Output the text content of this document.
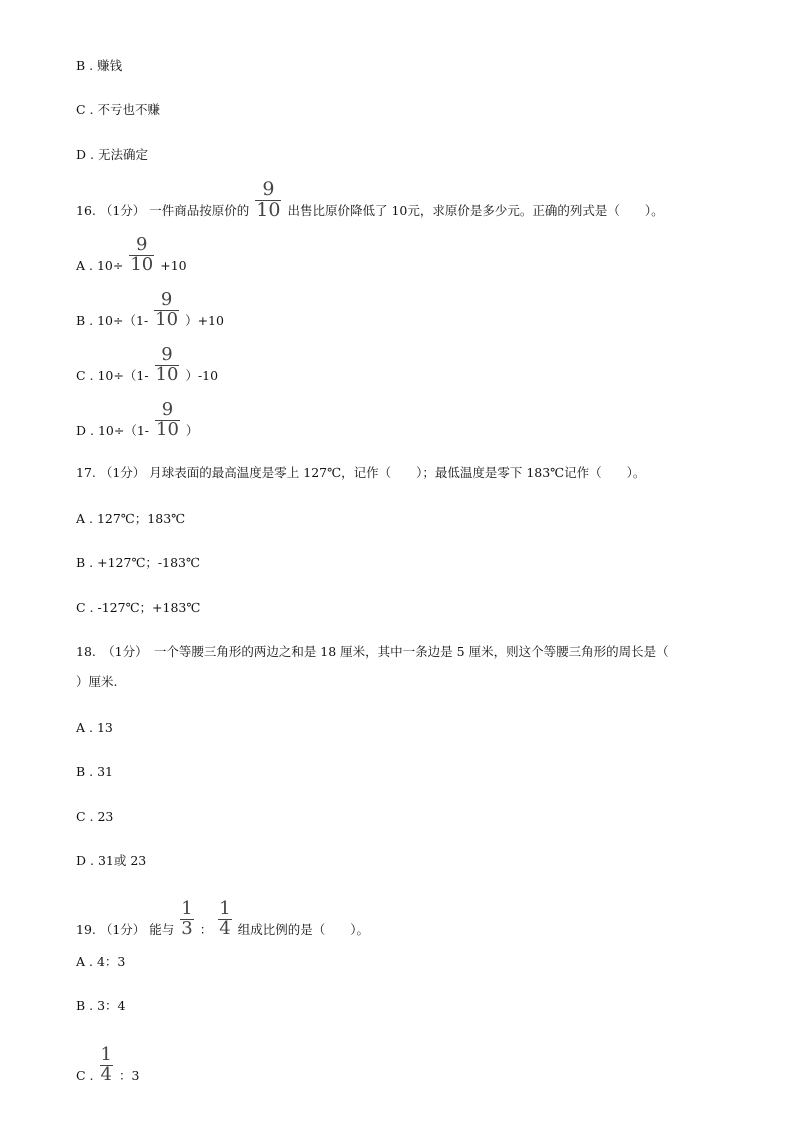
B . 赚钱
C . 不亏也不赚
D . 无法确定
16. （1分） 一件商品按原价的 $\frac{9}{10}$ 出售比原价降低了 10元，求原价是多少元。正确的列式是（　　）。
A . $10\div \frac{9}{10} +10$
B . $10\div(1- \frac{9}{10} )+10$
C . $10\div(1- \frac{9}{10} )-10$
D . $10\div(1- \frac{9}{10}$ ）
17. （1分） 月球表面的最高温度是零上 127℃，记作（　　）；最低温度是零下 183℃记作（　　）。
A . 127℃；183℃
B . +127℃；-183℃
C . -127℃；+183℃
18.　（1分）　一个等腰三角形的两边之和是 18 厘米，其中一条边是 5 厘米，则这个等腰三角形的周长是（
）厘米.
A . 13
B . 31
C . 23
D . 31或 23
19. （1分） 能与 $\frac{1}{3}$ ： $\frac{1}{4}$ 组成比例的是（　　）。
A . 4：3
B . 3：4
C . $\frac{1}{4}$ ：3
